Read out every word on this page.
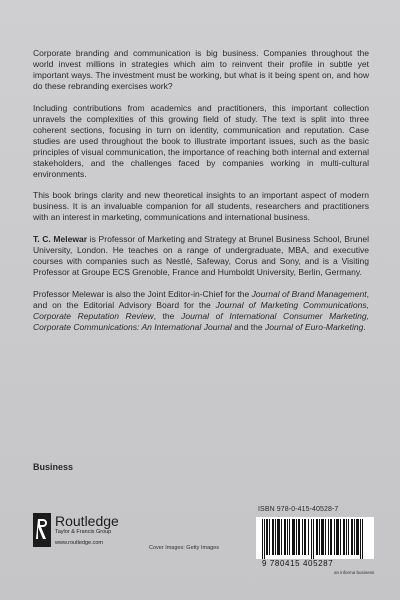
Corporate branding and communication is big business. Companies throughout the world invest millions in strategies which aim to reinvent their profile in subtle yet important ways. The investment must be working, but what is it being spent on, and how do these rebranding exercises work?

Including contributions from academics and practitioners, this important collection unravels the complexities of this growing field of study. The text is split into three coherent sections, focusing in turn on identity, communication and reputation. Case studies are used throughout the book to illustrate important issues, such as the basic principles of visual communication, the importance of reaching both internal and external stakeholders, and the challenges faced by companies working in multi-cultural environments.

This book brings clarity and new theoretical insights to an important aspect of modern business. It is an invaluable companion for all students, researchers and practitioners with an interest in marketing, communications and international business.

T. C. Melewar is Professor of Marketing and Strategy at Brunel Business School, Brunel University, London. He teaches on a range of undergraduate, MBA, and executive courses with companies such as Nestlé, Safeway, Corus and Sony, and is a Visiting Professor at Groupe ECS Grenoble, France and Humboldt University, Berlin, Germany.

Professor Melewar is also the Joint Editor-in-Chief for the Journal of Brand Management, and on the Editorial Advisory Board for the Journal of Marketing Communications, Corporate Reputation Review, the Journal of International Consumer Marketing, Corporate Communications: An International Journal and the Journal of Euro-Marketing.

Business
Routledge
Taylor & Francis Group
www.routledge.com
Cover Images: Getty Images
ISBN 978-0-415-40528-7
9 780415 405287
an informa business
